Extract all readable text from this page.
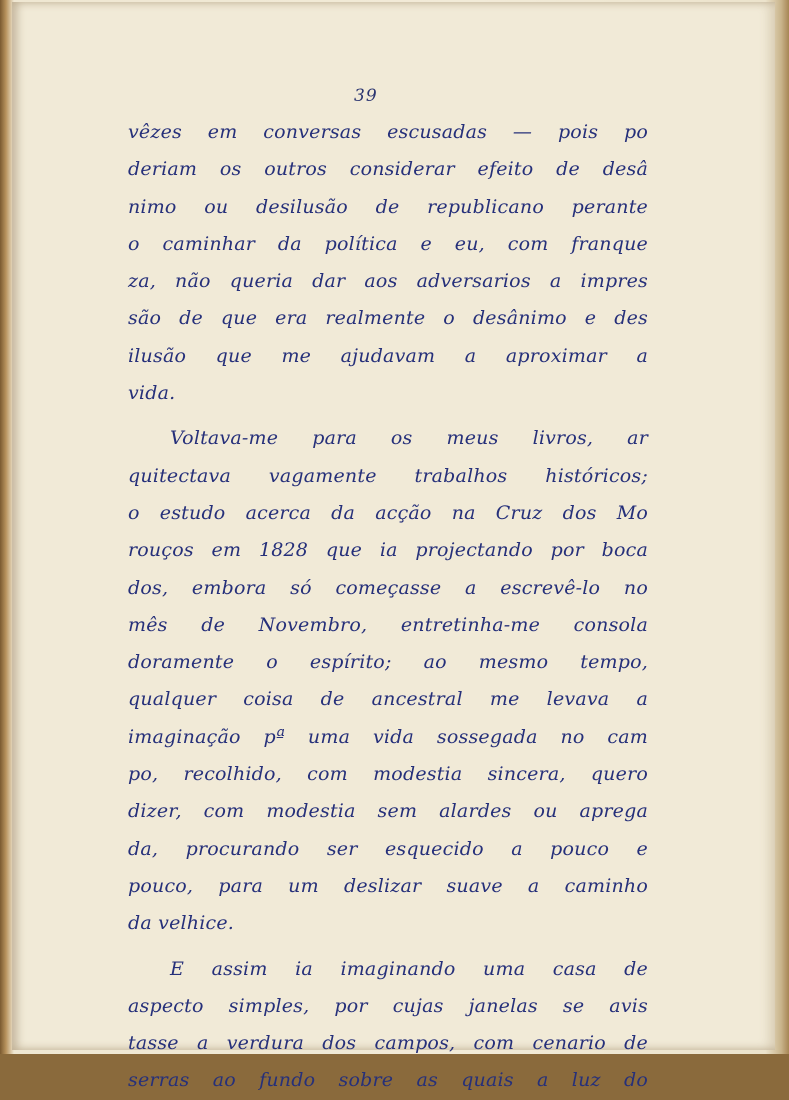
39
vêzes em conversas escusadas — pois po
deriam os outros considerar efeito de desâ
nimo ou desilusão de republicano perante
o caminhar da política e eu, com franque
za, não queria dar aos adversarios a impres
são de que era realmente o desânimo e des
ilusão que me ajudavam a aproximar a
vida.
Voltava-me para os meus livros, ar
quitectava vagamente trabalhos históricos;
o estudo acerca da acção na Cruz dos Mo
rouços em 1828 que ia projectando por boca
dos, embora só começasse a escrevê-lo no
mês de Novembro, entretinha-me consola
doramente o espírito; ao mesmo tempo,
qualquer coisa de ancestral me levava a
imaginação pª uma vida sossegada no cam
po, recolhido, com modestia sincera, quero
dizer, com modestia sem alardes ou aprega
da, procurando ser esquecido a pouco e
pouco, para um deslizar suave a caminho
da velhice.
E assim ia imaginando uma casa de
aspecto simples, por cujas janelas se avis
tasse a verdura dos campos, com cenario de
serras ao fundo sobre as quais a luz do
